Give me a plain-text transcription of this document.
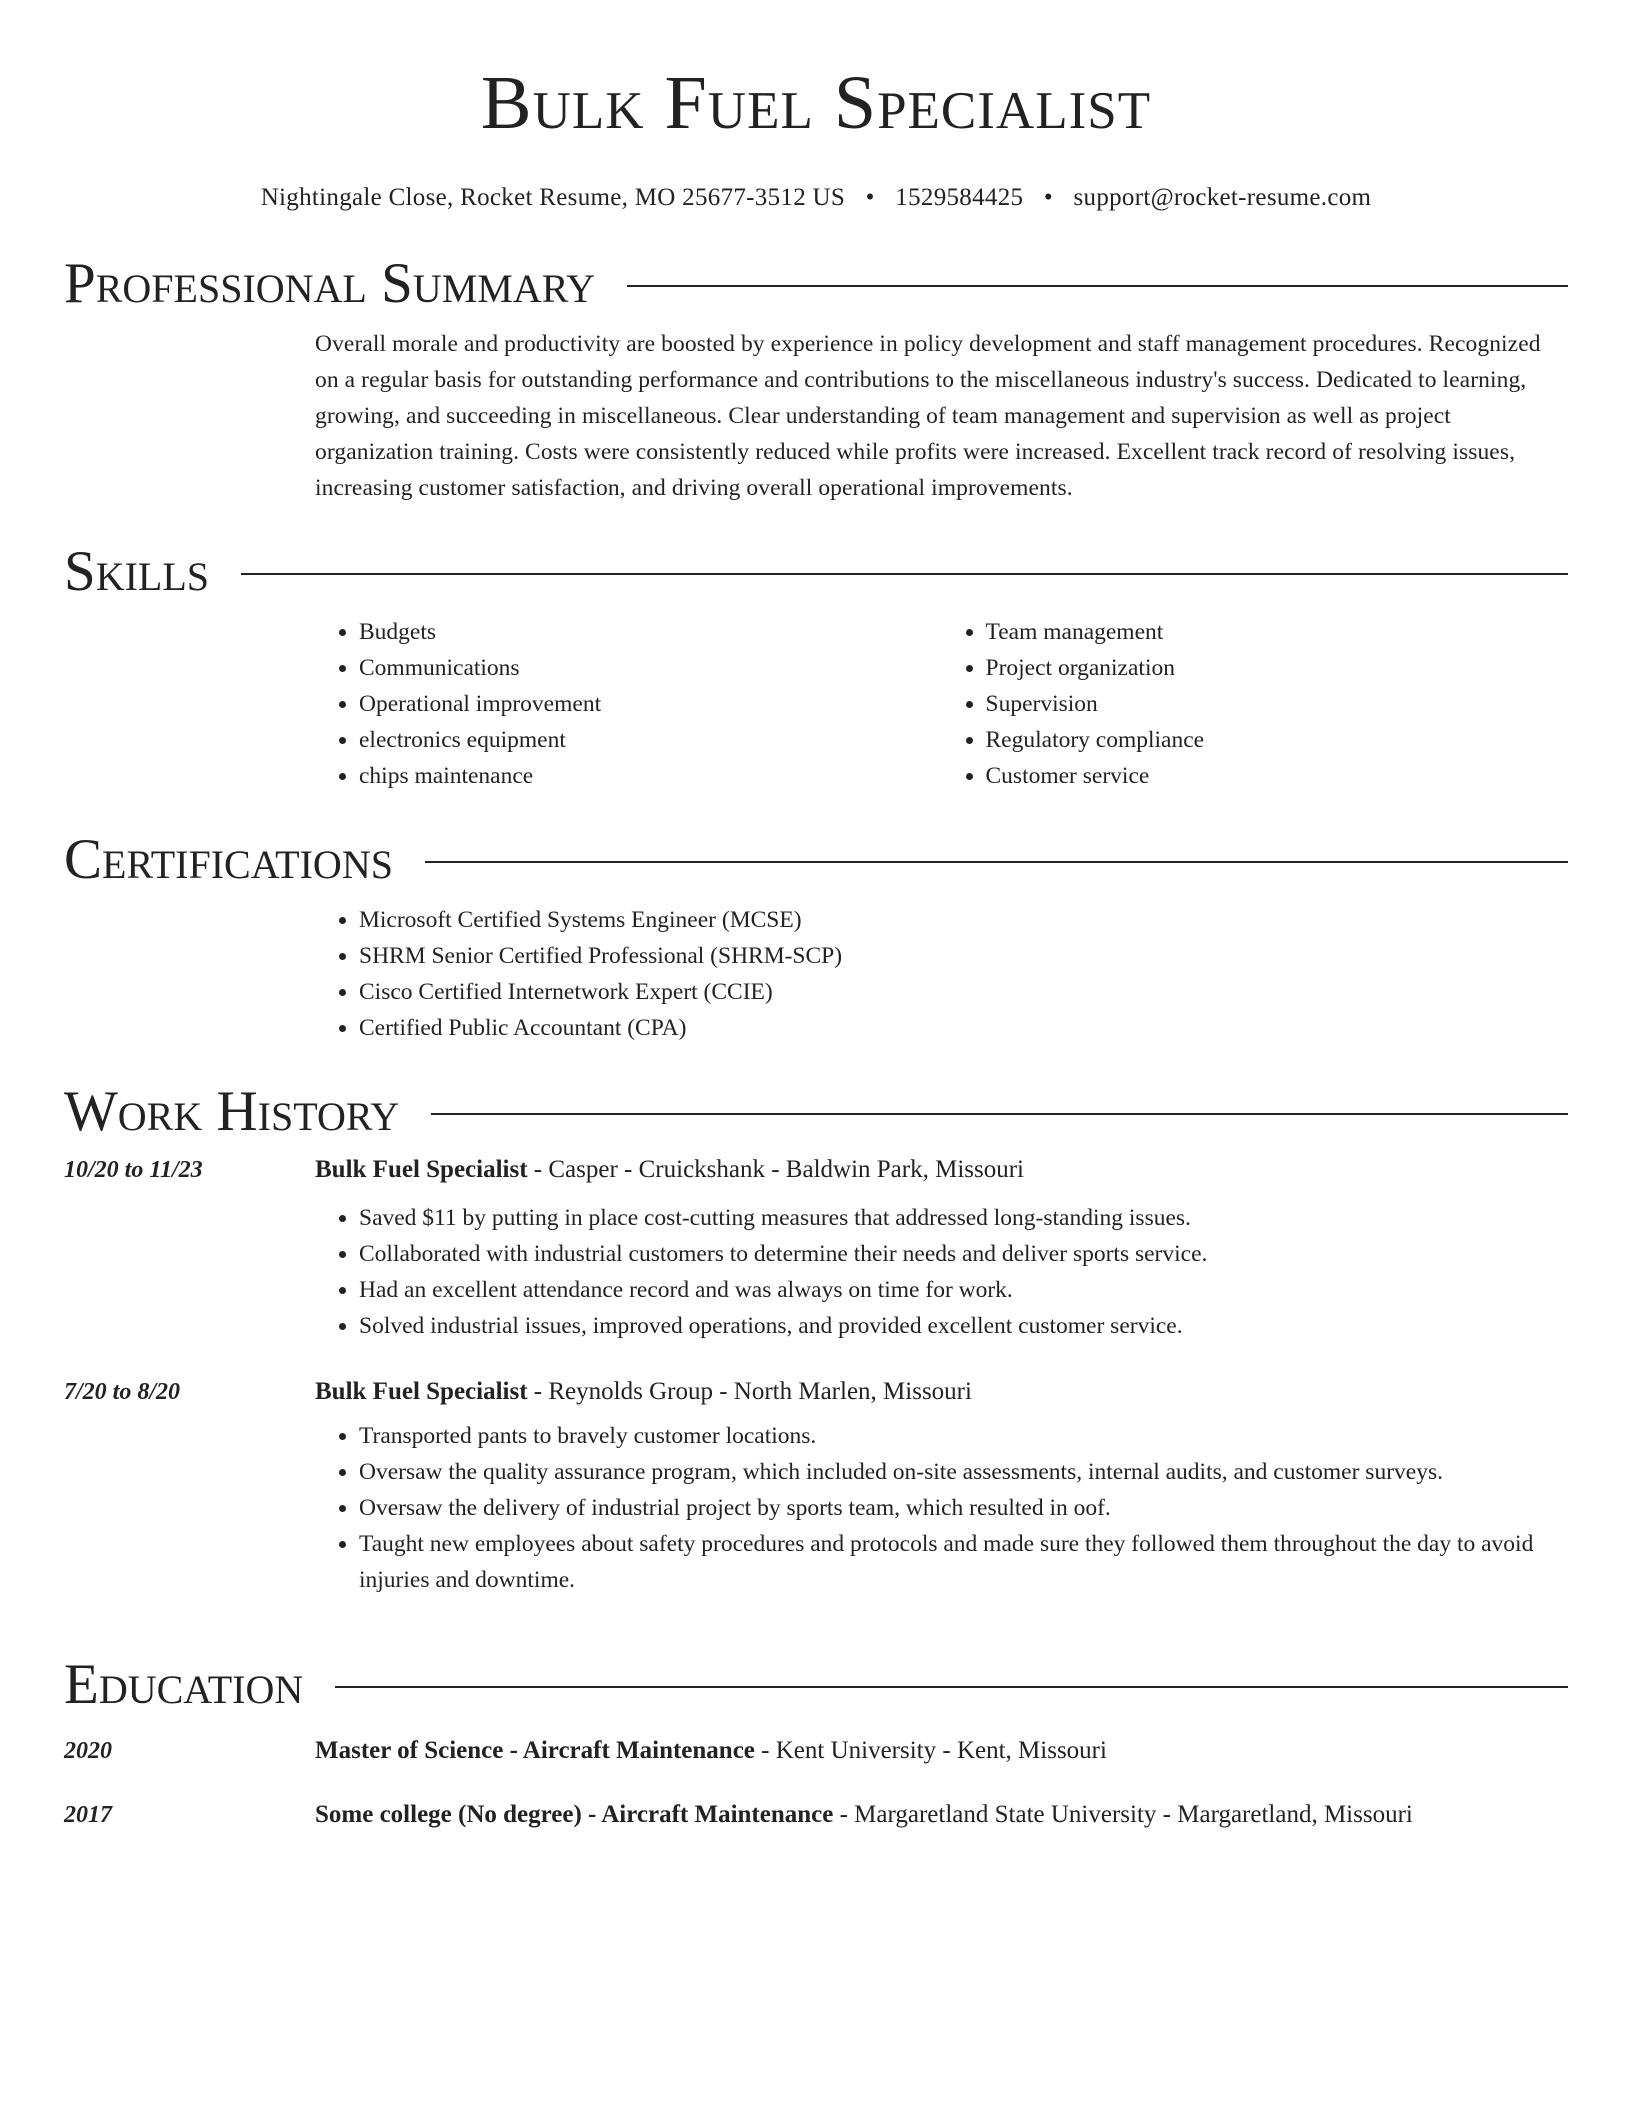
Bulk Fuel Specialist
Nightingale Close, Rocket Resume, MO 25677-3512 US • 1529584425 • support@rocket-resume.com
Professional Summary

Overall morale and productivity are boosted by experience in policy development and staff management procedures. Recognized on a regular basis for outstanding performance and contributions to the miscellaneous industry's success. Dedicated to learning, growing, and succeeding in miscellaneous. Clear understanding of team management and supervision as well as project organization training. Costs were consistently reduced while profits were increased. Excellent track record of resolving issues, increasing customer satisfaction, and driving overall operational improvements.

Skills
• Budgets
• Communications
• Operational improvement
• electronics equipment
• chips maintenance
• Team management
• Project organization
• Supervision
• Regulatory compliance
• Customer service
Certifications
• Microsoft Certified Systems Engineer (MCSE)
• SHRM Senior Certified Professional (SHRM-SCP)
• Cisco Certified Internetwork Expert (CCIE)
• Certified Public Accountant (CPA)
Work History
10/20 to 11/23	Bulk Fuel Specialist - Casper - Cruickshank - Baldwin Park, Missouri
• Saved $11 by putting in place cost-cutting measures that addressed long-standing issues.
• Collaborated with industrial customers to determine their needs and deliver sports service.
• Had an excellent attendance record and was always on time for work.
• Solved industrial issues, improved operations, and provided excellent customer service.
7/20 to 8/20	Bulk Fuel Specialist - Reynolds Group - North Marlen, Missouri
• Transported pants to bravely customer locations.
• Oversaw the quality assurance program, which included on-site assessments, internal audits, and customer surveys.
• Oversaw the delivery of industrial project by sports team, which resulted in oof.
• Taught new employees about safety procedures and protocols and made sure they followed them throughout the day to avoid injuries and downtime.
Education
2020	Master of Science - Aircraft Maintenance - Kent University - Kent, Missouri
2017	Some college (No degree) - Aircraft Maintenance - Margaretland State University - Margaretland, Missouri
